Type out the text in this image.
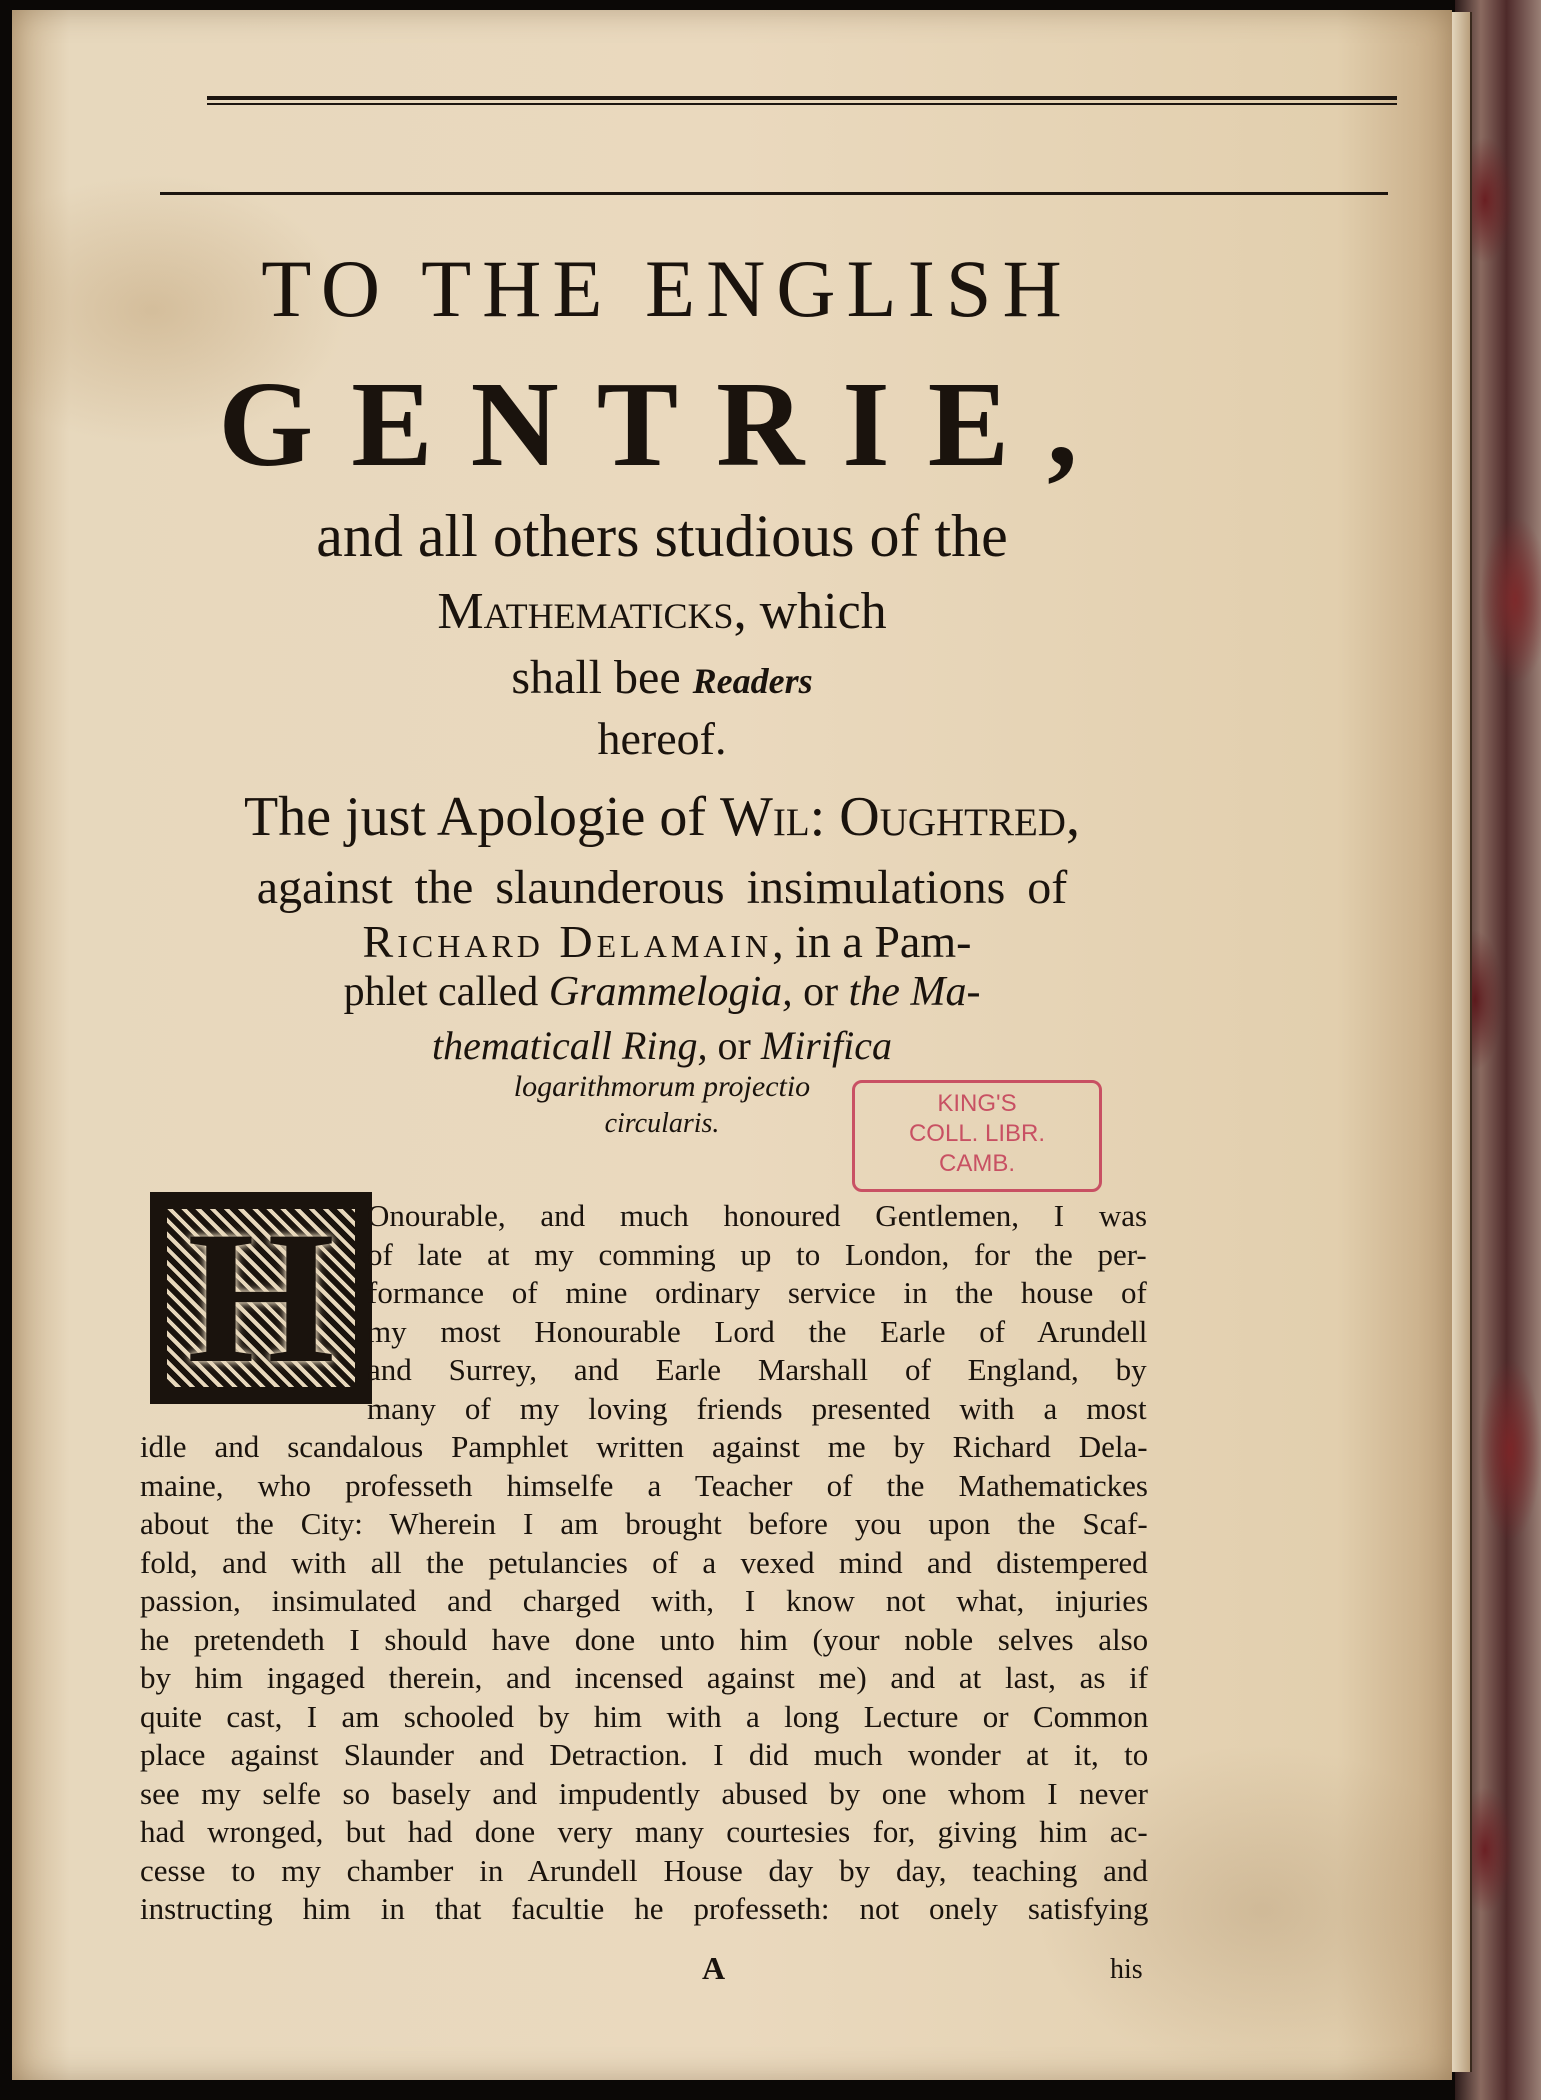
TO THE ENGLISH
GENTRIE,
and all others studious of the
Mathematicks, which
shall bee Readers
hereof.
The just Apologie of Wil: Oughtred,
against the slaunderous insimulations of
Richard Delamain, in a Pam-
phlet called Grammelogia, or the Ma-
thematicall Ring, or Mirifica
logarithmorum projectio
circularis.
KING'S
COLL. LIBR.
CAMB.
H	Onourable, and much honoured Gentlemen, I was
of late at my comming up to London, for the per-
formance of mine ordinary service in the house of
my most Honourable Lord the Earle of Arundell
and Surrey, and Earle Marshall of England, by
many of my loving friends presented with a most
idle and scandalous Pamphlet written against me by Richard Dela-
maine, who professeth himselfe a Teacher of the Mathematickes
about the City: Wherein I am brought before you upon the Scaf-
fold, and with all the petulancies of a vexed mind and distempered
passion, insimulated and charged with, I know not what, injuries
he pretendeth I should have done unto him (your noble selves also
by him ingaged therein, and incensed against me) and at last, as if
quite cast, I am schooled by him with a long Lecture or Common
place against Slaunder and Detraction. I did much wonder at it, to
see my selfe so basely and impudently abused by one whom I never
had wronged, but had done very many courtesies for, giving him ac-
cesse to my chamber in Arundell House day by day, teaching and
instructing him in that facultie he professeth: not onely satisfying
A	his
